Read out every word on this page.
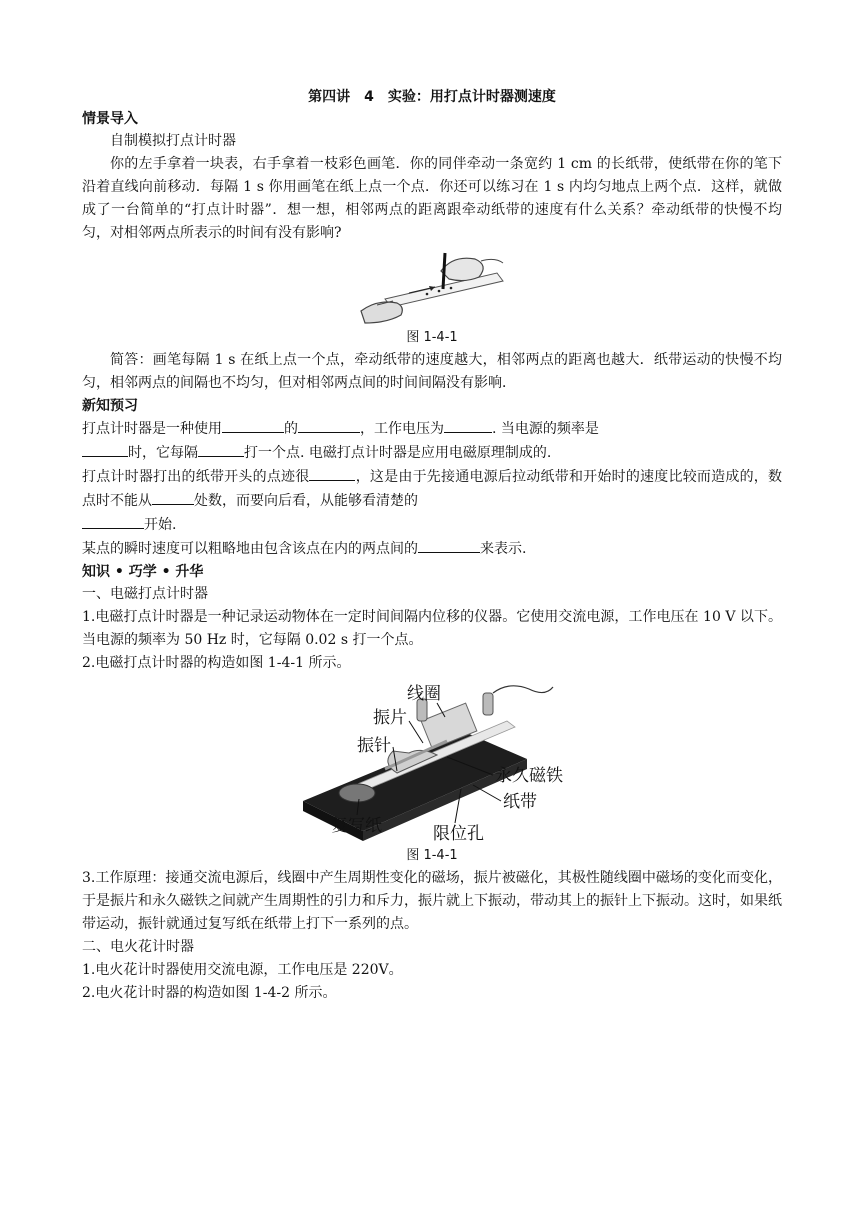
第四讲　4　实验：用打点计时器测速度
情景导入

自制模拟打点计时器

你的左手拿着一块表，右手拿着一枝彩色画笔．你的同伴牵动一条宽约 1 cm 的长纸带，使纸带在你的笔下沿着直线向前移动．每隔 1 s 你用画笔在纸上点一个点．你还可以练习在 1 s 内均匀地点上两个点．这样，就做成了一台简单的“打点计时器”．想一想，相邻两点的距离跟牵动纸带的速度有什么关系？牵动纸带的快慢不均匀，对相邻两点所表示的时间有没有影响?

图 1-4-1

简答：画笔每隔 1 s 在纸上点一个点，牵动纸带的速度越大，相邻两点的距离也越大．纸带运动的快慢不均匀，相邻两点的间隔也不均匀，但对相邻两点间的时间间隔没有影响．

新知预习

打点计时器是一种使用	的	，工作电压为	. 当电源的频率是

时，它每隔	打一个点. 电磁打点计时器是应用电磁原理制成的.

打点计时器打出的纸带开头的点迹很	，这是由于先接通电源后拉动纸带和开始时的速度比较而造成的，数点时不能从	处数，而要向后看，从能够看清楚的

开始.

某点的瞬时速度可以粗略地由包含该点在内的两点间的	来表示.

知识 • 巧学 • 升华

一、电磁打点计时器

1.电磁打点计时器是一种记录运动物体在一定时间间隔内位移的仪器。它使用交流电源，工作电压在 10 V 以下。当电源的频率为 50 Hz 时，它每隔 0.02 s 打一个点。

2.电磁打点计时器的构造如图 1-4-1 所示。

线圈
振片
振针
永久磁铁
纸带
复写纸	限位孔
图 1-4-1

3.工作原理：接通交流电源后，线圈中产生周期性变化的磁场，振片被磁化，其极性随线圈中磁场的变化而变化，于是振片和永久磁铁之间就产生周期性的引力和斥力，振片就上下振动，带动其上的振针上下振动。这时，如果纸带运动，振针就通过复写纸在纸带上打下一系列的点。

二、电火花计时器

1.电火花计时器使用交流电源，工作电压是 220V。

2.电火花计时器的构造如图 1-4-2 所示。
